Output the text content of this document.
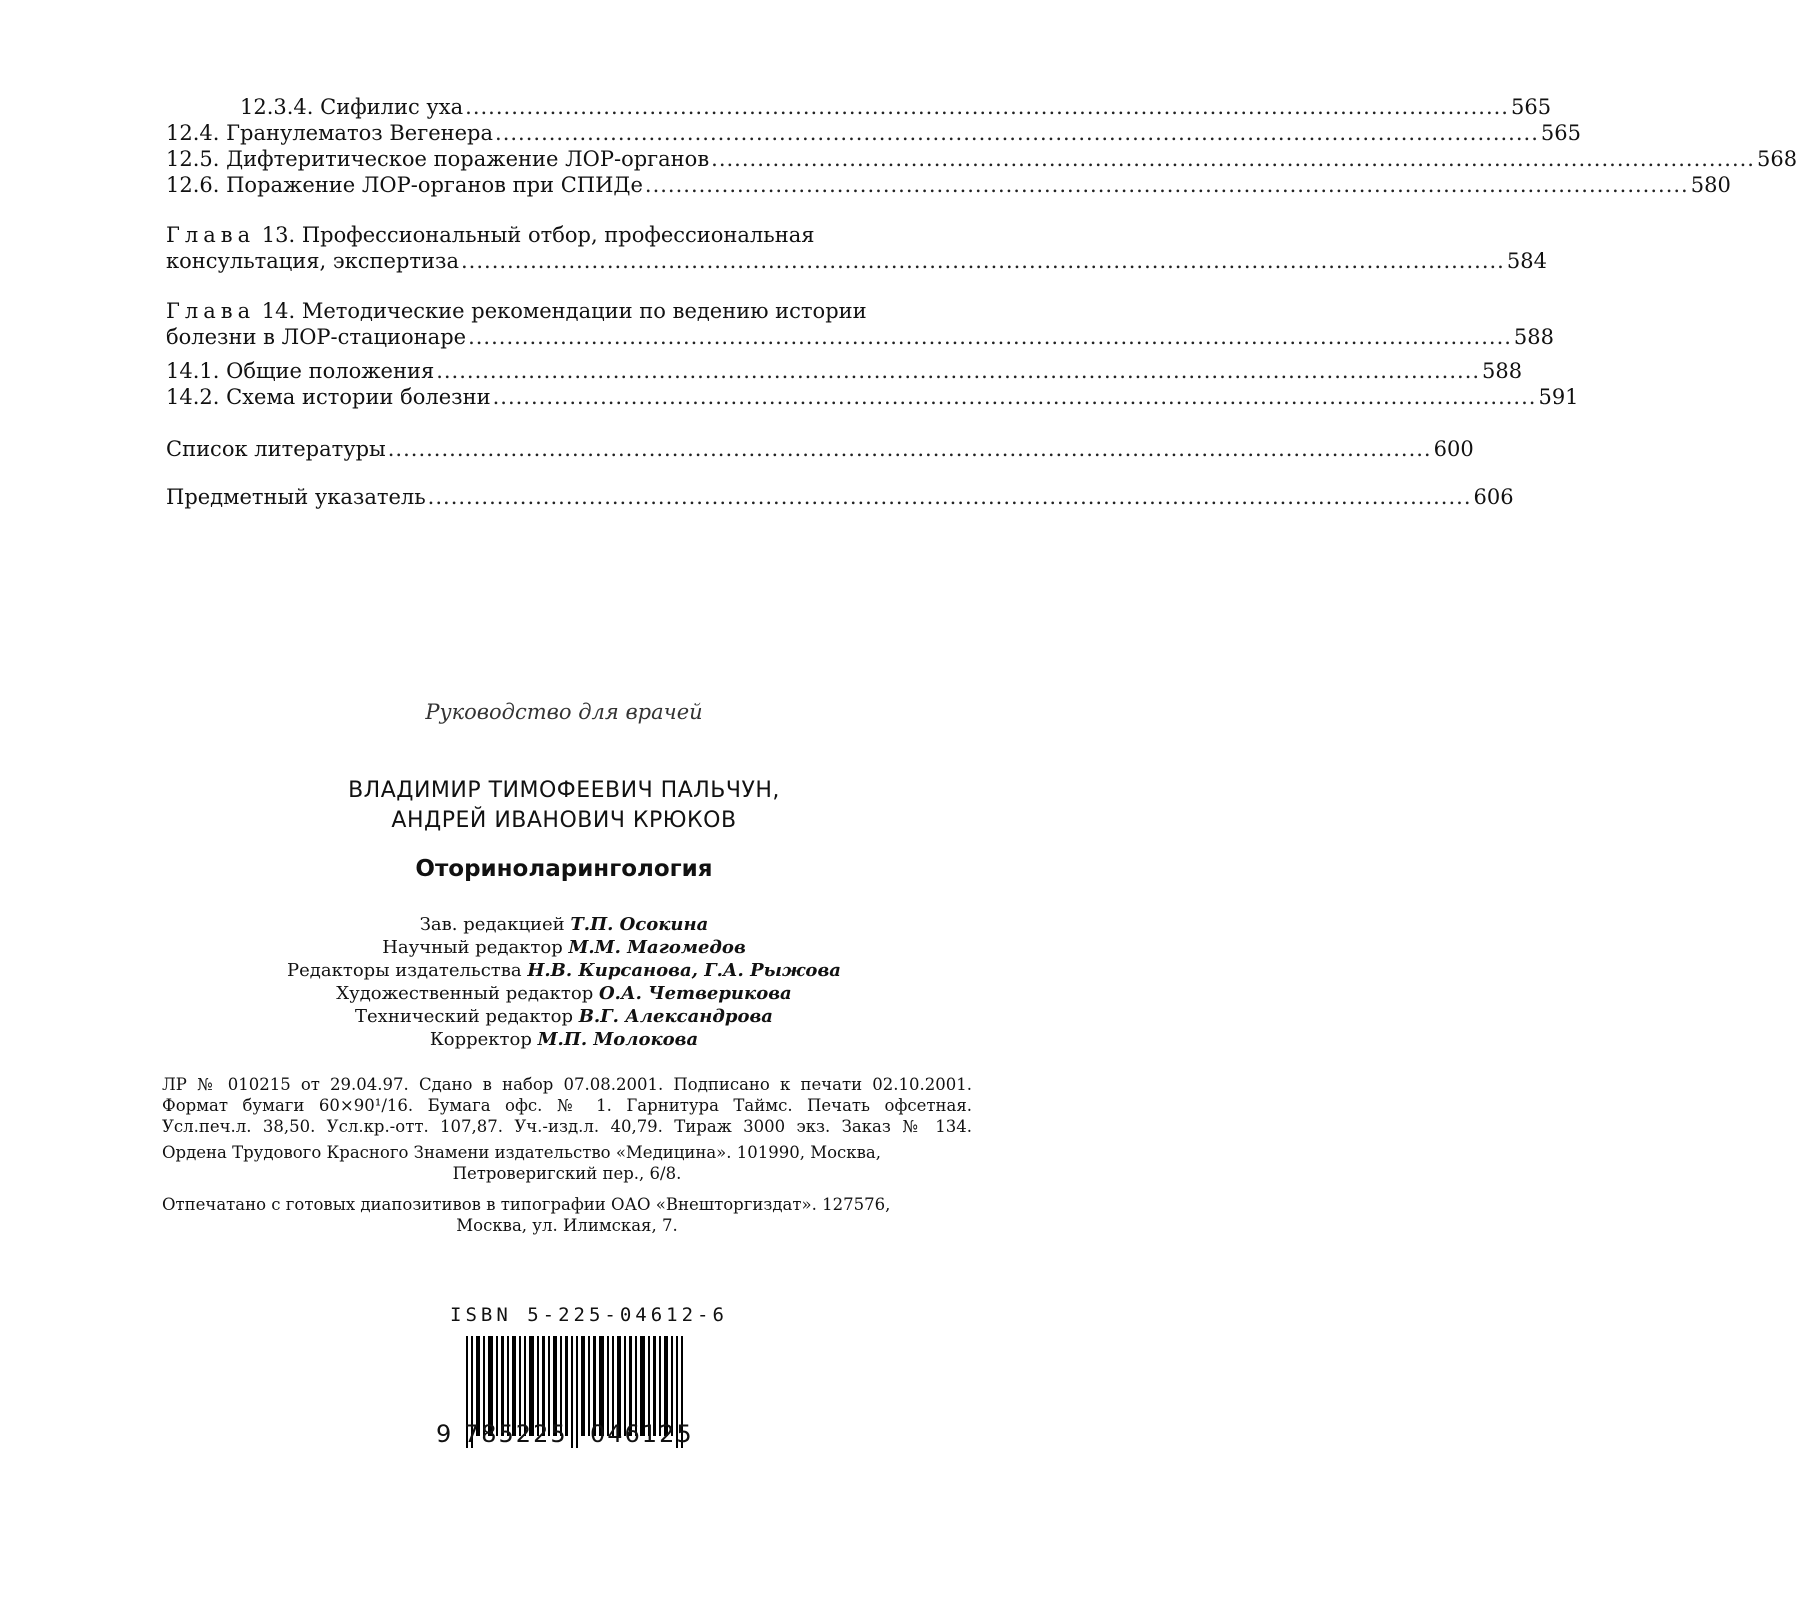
12.3.4. Сифилис уха ........................................................................................................................................ 565
12.4. Гранулематоз Вегенера ........................................................................................................................................ 565
12.5. Дифтеритическое поражение ЛОР-органов ........................................................................................................................................ 568
12.6. Поражение ЛОР-органов при СПИДе ........................................................................................................................................ 580
Глава 13. Профессиональный отбор, профессиональная
консультация, экспертиза ........................................................................................................................................ 584
Глава 14. Методические рекомендации по ведению истории
болезни в ЛОР-стационаре ........................................................................................................................................ 588
14.1. Общие положения ........................................................................................................................................ 588
14.2. Схема истории болезни ........................................................................................................................................ 591
Список литературы ........................................................................................................................................ 600
Предметный указатель ........................................................................................................................................ 606
Руководство для врачей
ВЛАДИМИР ТИМОФЕЕВИЧ ПАЛЬЧУН,
АНДРЕЙ ИВАНОВИЧ КРЮКОВ
Оториноларингология
Зав. редакцией Т.П. Осокина
Научный редактор М.М. Магомедов
Редакторы издательства Н.В. Кирсанова, Г.А. Рыжова
Художественный редактор О.А. Четверикова
Технический редактор В.Г. Александрова
Корректор М.П. Молокова
ЛР № 010215 от 29.04.97. Сдано в набор 07.08.2001. Подписано к печати 02.10.2001.
Формат бумаги 60×90¹/16. Бумага офс. № 1. Гарнитура Таймс. Печать офсетная.
Усл.печ.л. 38,50. Усл.кр.-отт. 107,87. Уч.-изд.л. 40,79. Тираж 3000 экз. Заказ № 134.
Ордена Трудового Красного Знамени издательство «Медицина». 101990, Москва,
Петроверигский пер., 6/8.
Отпечатано с готовых диапозитивов в типографии ОАО «Внешторгиздат». 127576,
Москва, ул. Илимская, 7.
ISBN 5-225-04612-6
9 785225 046125
